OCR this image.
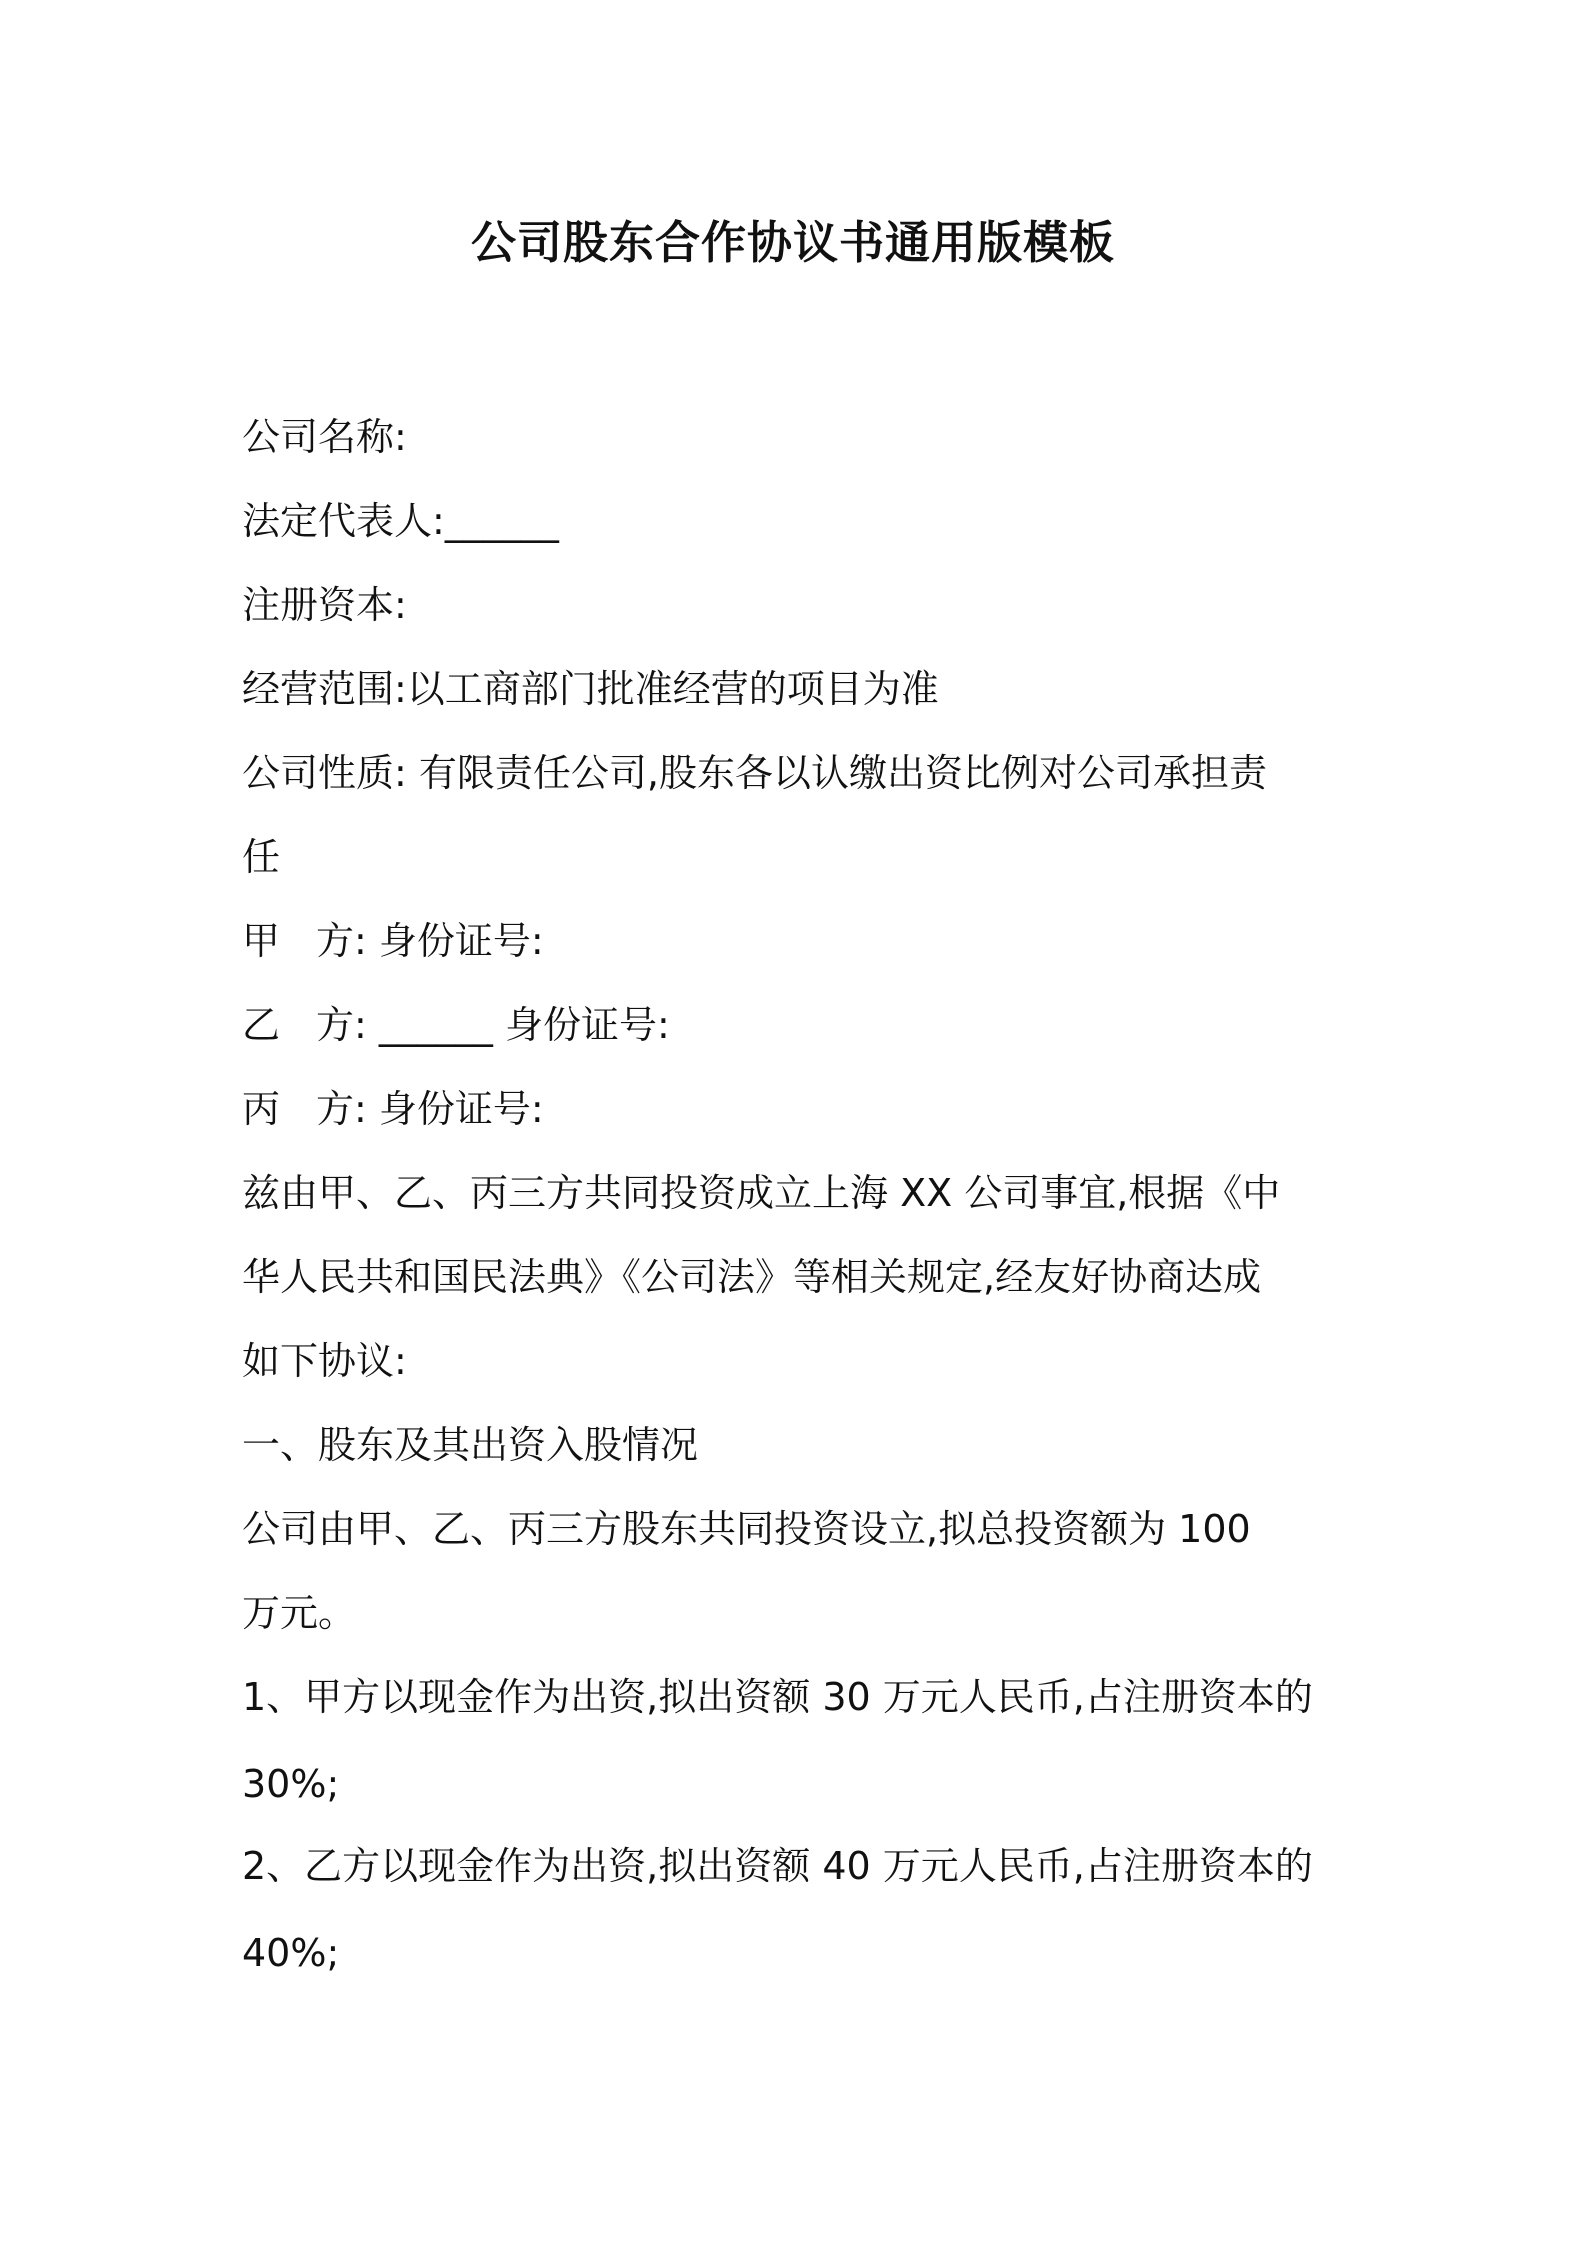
公司股东合作协议书通用版模板
公司名称:
法定代表人:______
注册资本:
经营范围:以工商部门批准经营的项目为准
公司性质: 有限责任公司,股东各以认缴出资比例对公司承担责
任
甲 方: 身份证号:
乙 方: ______ 身份证号:
丙 方: 身份证号:
兹由甲、乙、丙三方共同投资成立上海 XX 公司事宜,根据《中
华人民共和国民法典》《公司法》等相关规定,经友好协商达成
如下协议:
一、股东及其出资入股情况
公司由甲、乙、丙三方股东共同投资设立,拟总投资额为 100
万元。
1、甲方以现金作为出资,拟出资额 30 万元人民币,占注册资本的
30%;
2、乙方以现金作为出资,拟出资额 40 万元人民币,占注册资本的
40%;
